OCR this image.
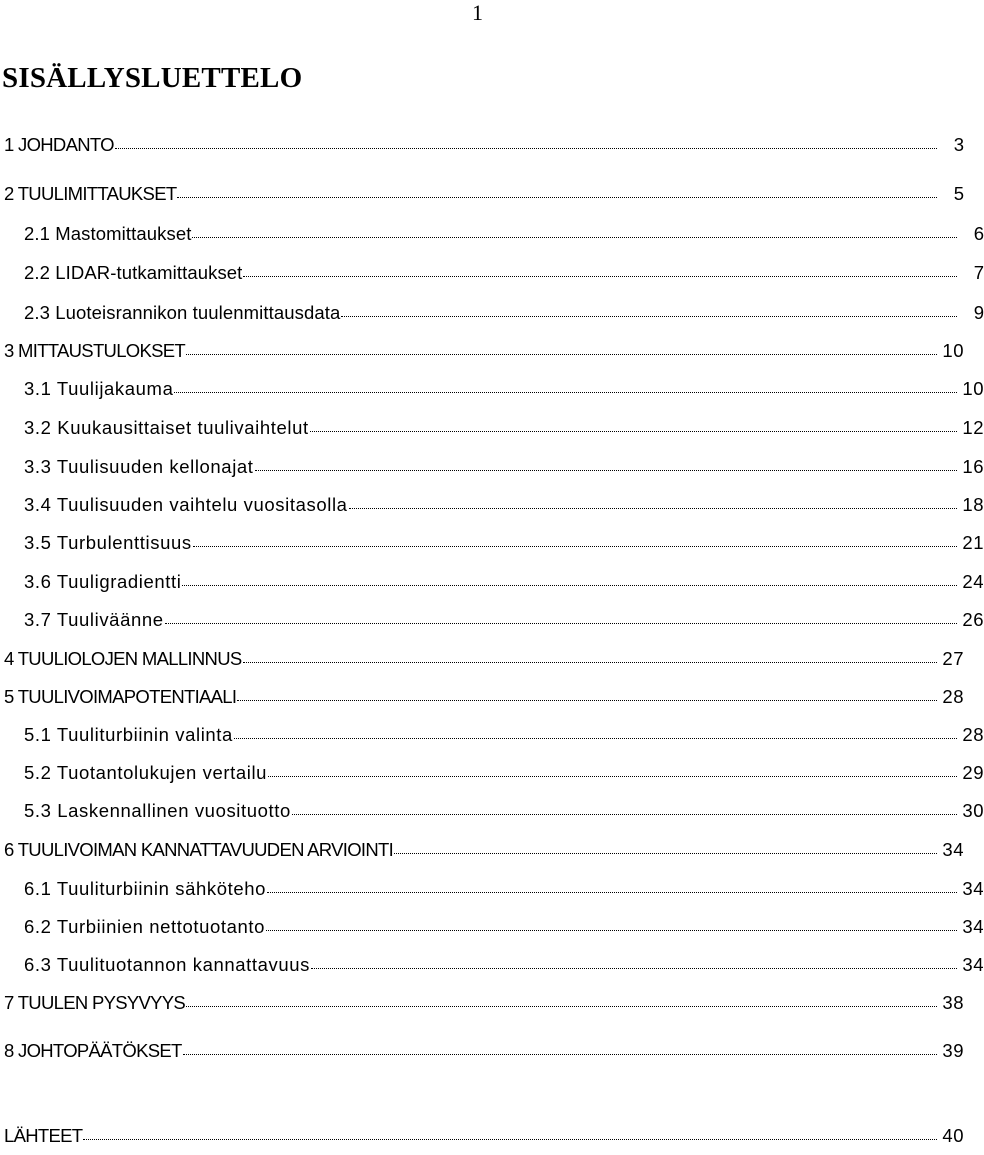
1
SISÄLLYSLUETTELO
1 JOHDANTO	3
2 TUULIMITTAUKSET	5
2.1 Mastomittaukset	6
2.2 LIDAR-tutkamittaukset	7
2.3 Luoteisrannikon tuulenmittausdata	9
3 MITTAUSTULOKSET	10
3.1 Tuulijakauma	10
3.2 Kuukausittaiset tuulivaihtelut	12
3.3 Tuulisuuden kellonajat	16
3.4 Tuulisuuden vaihtelu vuositasolla	18
3.5 Turbulenttisuus	21
3.6 Tuuligradientti	24
3.7 Tuuliväänne	26
4 TUULIOLOJEN MALLINNUS	27
5 TUULIVOIMAPOTENTIAALI	28
5.1 Tuuliturbiinin valinta	28
5.2 Tuotantolukujen vertailu	29
5.3 Laskennallinen vuosituotto	30
6 TUULIVOIMAN KANNATTAVUUDEN ARVIOINTI	34
6.1 Tuuliturbiinin sähköteho	34
6.2 Turbiinien nettotuotanto	34
6.3 Tuulituotannon kannattavuus	34
7 TUULEN PYSYVYYS	38
8 JOHTOPÄÄTÖKSET	39
LÄHTEET	40
